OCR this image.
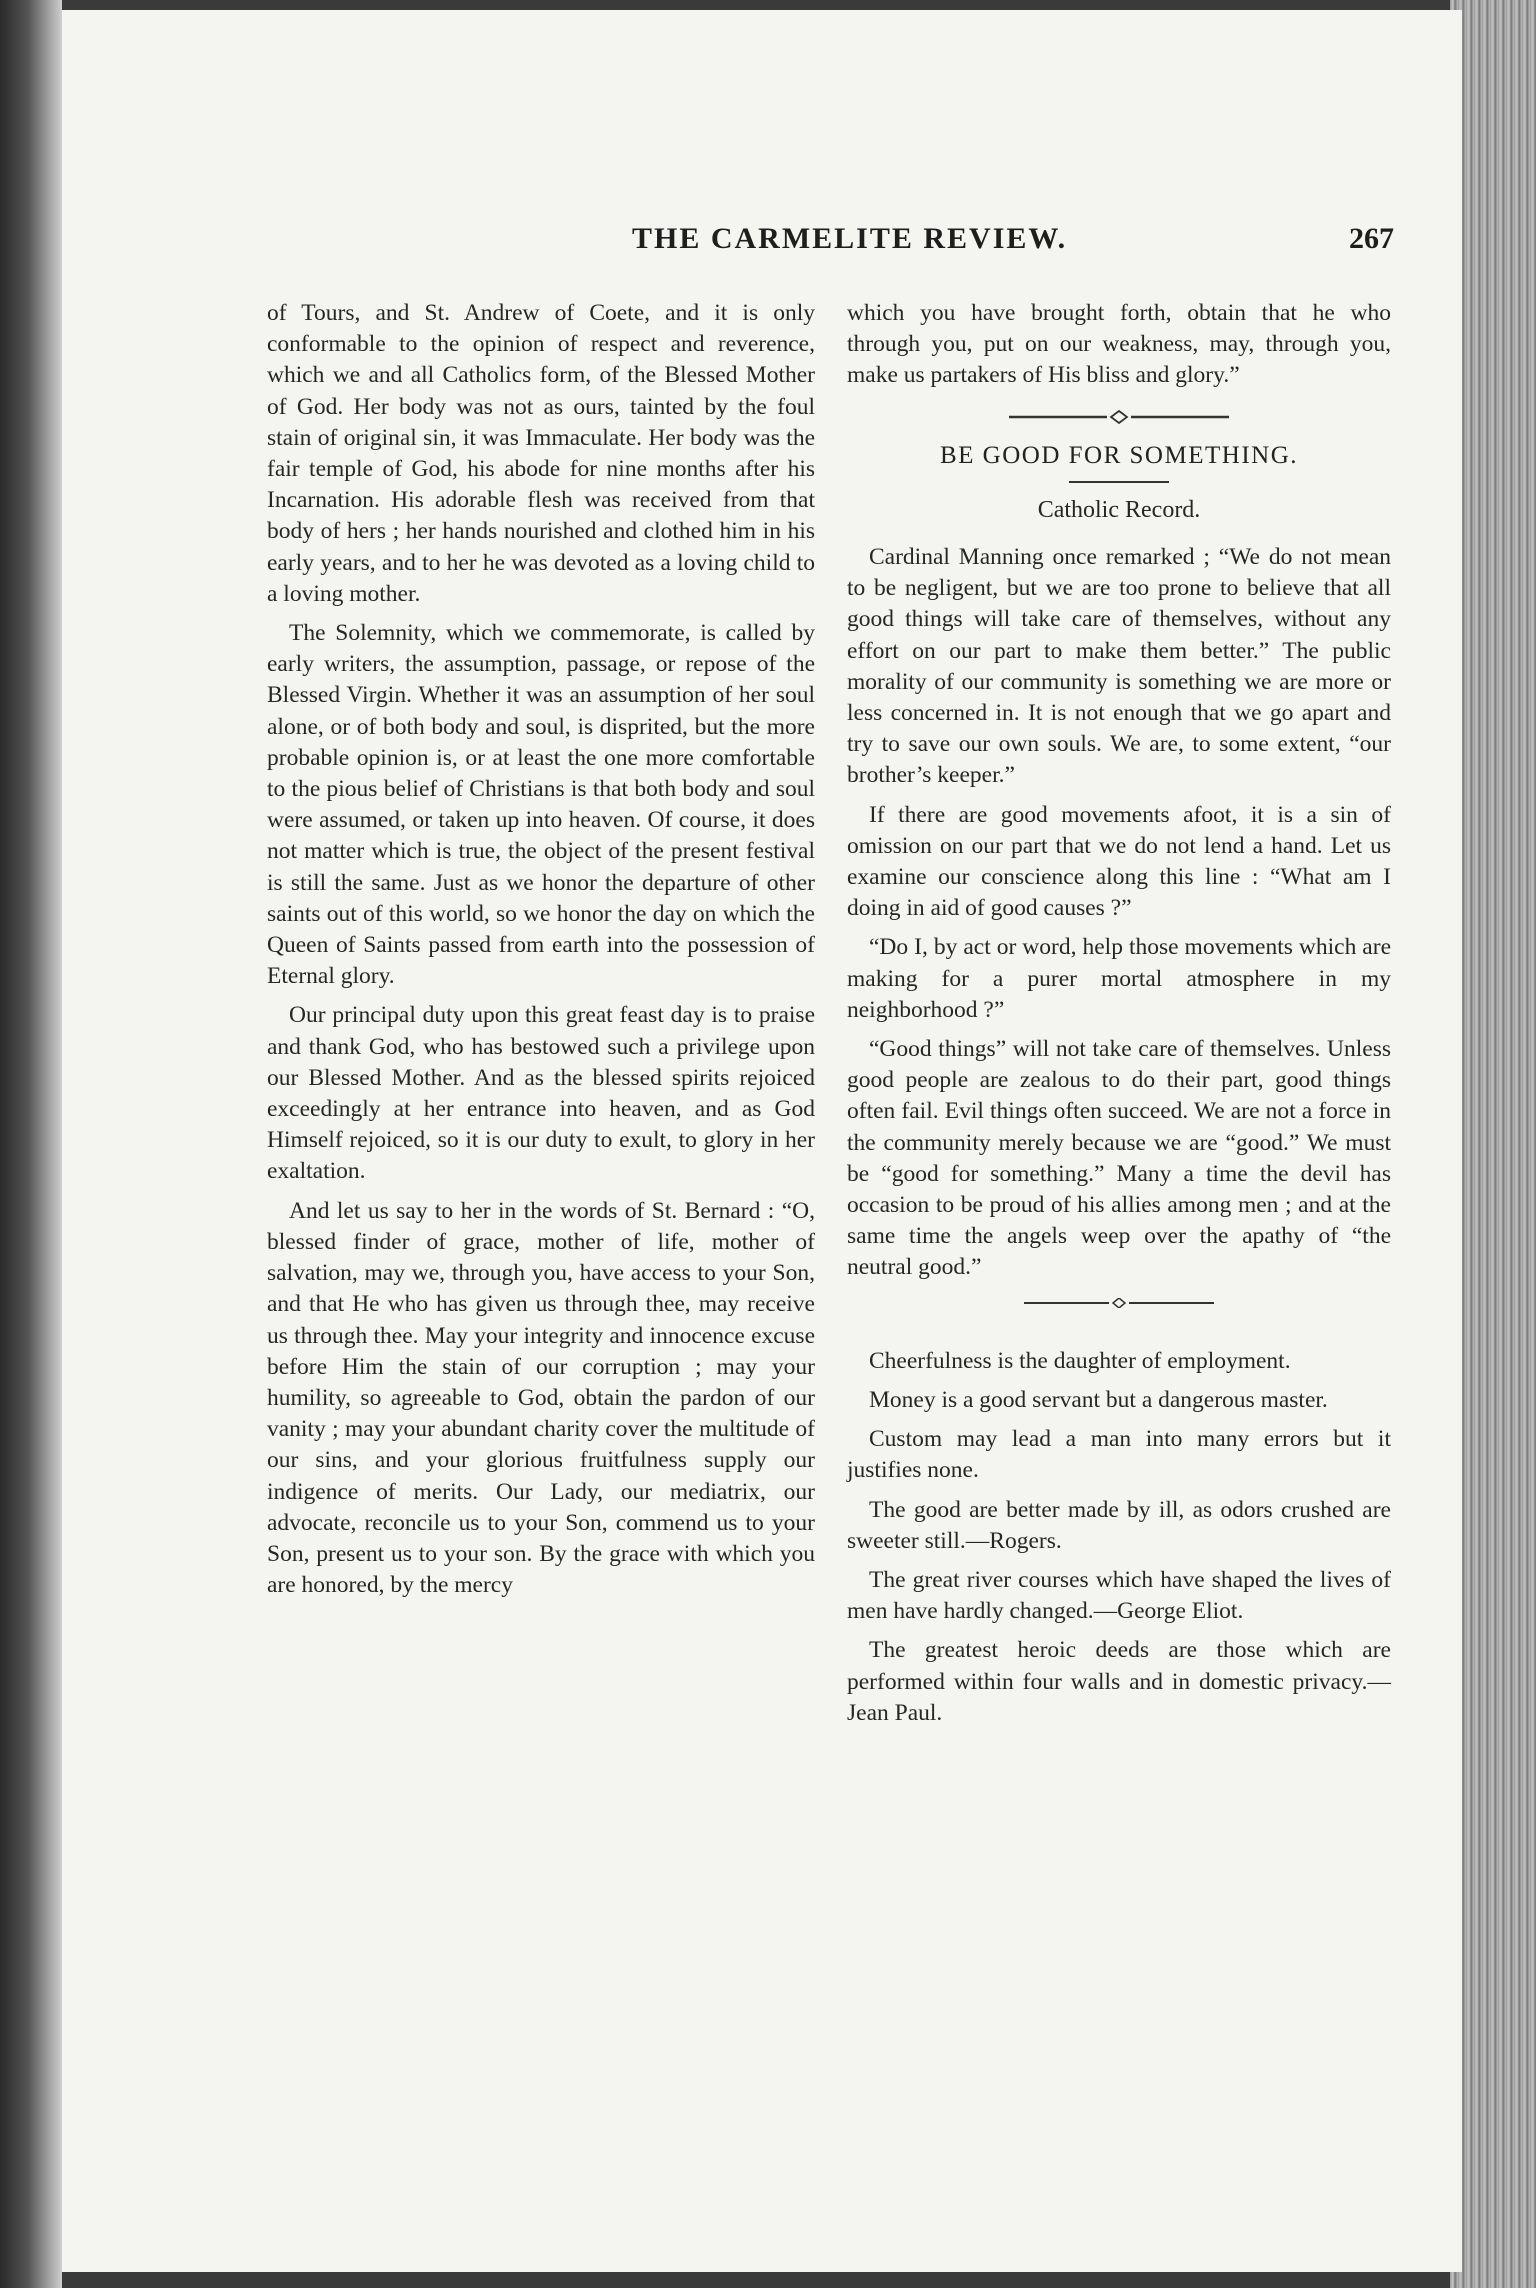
THE CARMELITE REVIEW.	267

of Tours, and St. Andrew of Coete, and it is only conformable to the opinion of respect and reverence, which we and all Catholics form, of the Blessed Mother of God. Her body was not as ours, tainted by the foul stain of original sin, it was Immaculate. Her body was the fair temple of God, his abode for nine months after his Incarnation. His adorable flesh was received from that body of hers ; her hands nourished and clothed him in his early years, and to her he was devoted as a loving child to a loving mother.

The Solemnity, which we commemorate, is called by early writers, the assumption, passage, or repose of the Blessed Virgin. Whether it was an assumption of her soul alone, or of both body and soul, is disprited, but the more probable opinion is, or at least the one more comfortable to the pious belief of Christians is that both body and soul were assumed, or taken up into heaven. Of course, it does not matter which is true, the object of the present festival is still the same. Just as we honor the departure of other saints out of this world, so we honor the day on which the Queen of Saints passed from earth into the possession of Eternal glory.

Our principal duty upon this great feast day is to praise and thank God, who has bestowed such a privilege upon our Blessed Mother. And as the blessed spirits rejoiced exceedingly at her entrance into heaven, and as God Himself rejoiced, so it is our duty to exult, to glory in her exaltation.

And let us say to her in the words of St. Bernard : “O, blessed finder of grace, mother of life, mother of salvation, may we, through you, have access to your Son, and that He who has given us through thee, may receive us through thee. May your integrity and innocence excuse before Him the stain of our corruption ; may your humility, so agreeable to God, obtain the pardon of our vanity ; may your abundant charity cover the multitude of our sins, and your glorious fruitfulness supply our indigence of merits. Our Lady, our mediatrix, our advocate, reconcile us to your Son, commend us to your Son, present us to your son. By the grace with which you are honored, by the mercy

which you have brought forth, obtain that he who through you, put on our weakness, may, through you, make us partakers of His bliss and glory.”

BE GOOD FOR SOMETHING.
Catholic Record.

Cardinal Manning once remarked ; “We do not mean to be negligent, but we are too prone to believe that all good things will take care of themselves, without any effort on our part to make them better.” The public morality of our community is something we are more or less concerned in. It is not enough that we go apart and try to save our own souls. We are, to some extent, “our brother’s keeper.”

If there are good movements afoot, it is a sin of omission on our part that we do not lend a hand. Let us examine our conscience along this line : “What am I doing in aid of good causes ?”

“Do I, by act or word, help those movements which are making for a purer mortal atmosphere in my neighborhood ?”

“Good things” will not take care of themselves. Unless good people are zealous to do their part, good things often fail. Evil things often succeed. We are not a force in the community merely because we are “good.” We must be “good for something.” Many a time the devil has occasion to be proud of his allies among men ; and at the same time the angels weep over the apathy of “the neutral good.”

Cheerfulness is the daughter of employment.

Money is a good servant but a dangerous master.

Custom may lead a man into many errors but it justifies none.

The good are better made by ill, as odors crushed are sweeter still.—Rogers.

The great river courses which have shaped the lives of men have hardly changed.—George Eliot.

The greatest heroic deeds are those which are performed within four walls and in domestic privacy.—Jean Paul.
